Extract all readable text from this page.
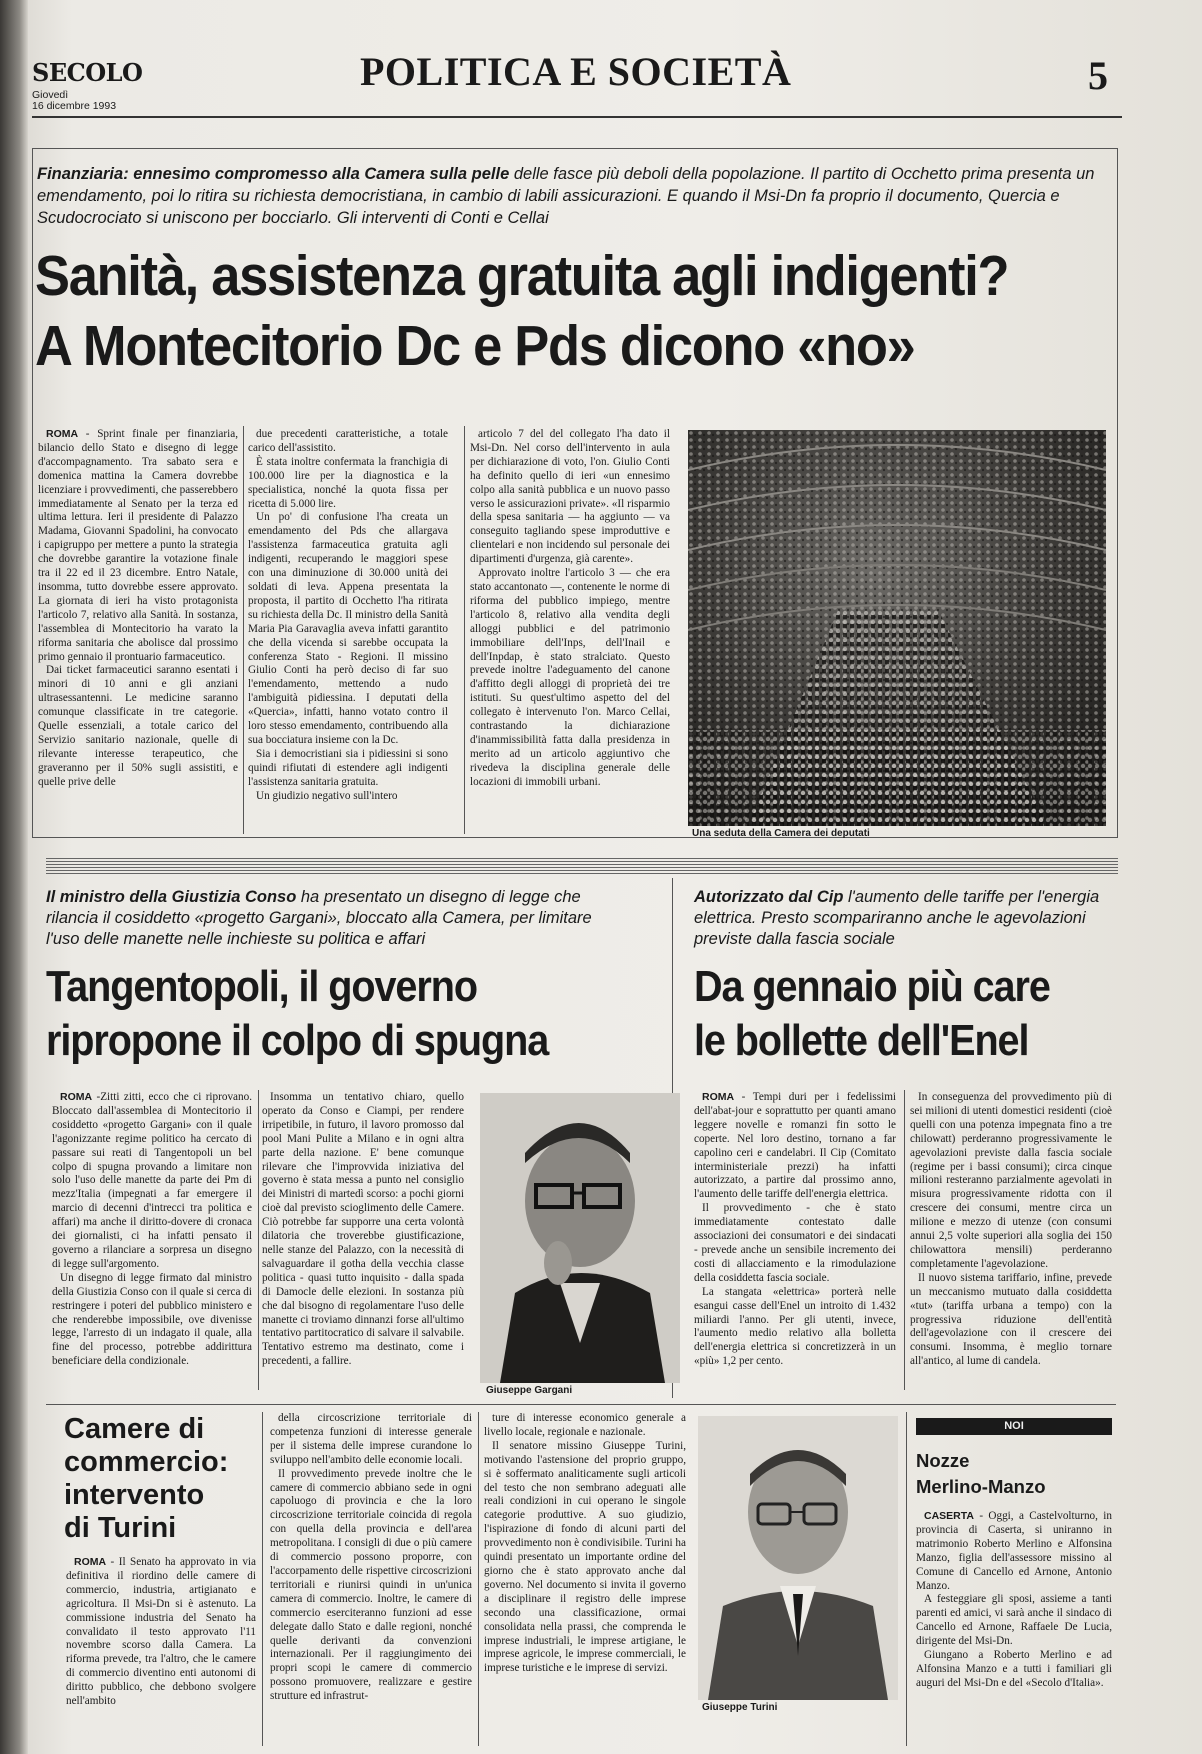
SECOLO
Giovedì
16 dicembre 1993
POLITICA E SOCIETÀ	5
Finanziaria: ennesimo compromesso alla Camera sulla pelle delle fasce più deboli della popolazione. Il partito di Occhetto prima presenta un emendamento, poi lo ritira su richiesta democristiana, in cambio di labili assicurazioni. E quando il Msi-Dn fa proprio il documento, Quercia e Scudocrociato si uniscono per bocciarlo. Gli interventi di Conti e Cellai
Sanità, assistenza gratuita agli indigenti?
A Montecitorio Dc e Pds dicono «no»

ROMA - Sprint finale per finanziaria, bilancio dello Stato e disegno di legge d'accompagnamento. Tra sabato sera e domenica mattina la Camera dovrebbe licenziare i provvedimenti, che passerebbero immediatamente al Senato per la terza ed ultima lettura. Ieri il presidente di Palazzo Madama, Giovanni Spadolini, ha convocato i capigruppo per mettere a punto la strategia che dovrebbe garantire la votazione finale tra il 22 ed il 23 dicembre. Entro Natale, insomma, tutto dovrebbe essere approvato. La giornata di ieri ha visto protagonista l'articolo 7, relativo alla Sanità. In sostanza, l'assemblea di Montecitorio ha varato la riforma sanitaria che abolisce dal prossimo primo gennaio il prontuario farmaceutico.

Dai ticket farmaceutici saranno esentati i minori di 10 anni e gli anziani ultrasessantenni. Le medicine saranno comunque classificate in tre categorie. Quelle essenziali, a totale carico del Servizio sanitario nazionale, quelle di rilevante interesse terapeutico, che graveranno per il 50% sugli assistiti, e quelle prive delle

due precedenti caratteristiche, a totale carico dell'assistito.

È stata inoltre confermata la franchigia di 100.000 lire per la diagnostica e la specialistica, nonché la quota fissa per ricetta di 5.000 lire.

Un po' di confusione l'ha creata un emendamento del Pds che allargava l'assistenza farmaceutica gratuita agli indigenti, recuperando le maggiori spese con una diminuzione di 30.000 unità dei soldati di leva. Appena presentata la proposta, il partito di Occhetto l'ha ritirata su richiesta della Dc. Il ministro della Sanità Maria Pia Garavaglia aveva infatti garantito che della vicenda si sarebbe occupata la conferenza Stato - Regioni. Il missino Giulio Conti ha però deciso di far suo l'emendamento, mettendo a nudo l'ambiguità pidiessina. I deputati della «Quercia», infatti, hanno votato contro il loro stesso emendamento, contribuendo alla sua bocciatura insieme con la Dc.

Sia i democristiani sia i pidiessini si sono quindi rifiutati di estendere agli indigenti l'assistenza sanitaria gratuita.

Un giudizio negativo sull'intero

articolo 7 del del collegato l'ha dato il Msi-Dn. Nel corso dell'intervento in aula per dichiarazione di voto, l'on. Giulio Conti ha definito quello di ieri «un ennesimo colpo alla sanità pubblica e un nuovo passo verso le assicurazioni private». «Il risparmio della spesa sanitaria — ha aggiunto — va conseguito tagliando spese improduttive e clientelari e non incidendo sul personale dei dipartimenti d'urgenza, già carente».

Approvato inoltre l'articolo 3 — che era stato accantonato —, contenente le norme di riforma del pubblico impiego, mentre l'articolo 8, relativo alla vendita degli alloggi pubblici e del patrimonio immobiliare dell'Inps, dell'Inail e dell'Inpdap, è stato stralciato. Questo prevede inoltre l'adeguamento del canone d'affitto degli alloggi di proprietà dei tre istituti. Su quest'ultimo aspetto del del collegato è intervenuto l'on. Marco Cellai, contrastando la dichiarazione d'inammissibilità fatta dalla presidenza in merito ad un articolo aggiuntivo che rivedeva la disciplina generale delle locazioni di immobili urbani.

Una seduta della Camera dei deputati
Il ministro della Giustizia Conso ha presentato un disegno di legge che rilancia il cosiddetto «progetto Gargani», bloccato alla Camera, per limitare l'uso delle manette nelle inchieste su politica e affari
Tangentopoli, il governo
ripropone il colpo di spugna

ROMA -Zitti zitti, ecco che ci riprovano. Bloccato dall'assemblea di Montecitorio il cosiddetto «progetto Gargani» con il quale l'agonizzante regime politico ha cercato di passare sui reati di Tangentopoli un bel colpo di spugna provando a limitare non solo l'uso delle manette da parte dei Pm di mezz'Italia (impegnati a far emergere il marcio di decenni d'intrecci tra politica e affari) ma anche il diritto-dovere di cronaca dei giornalisti, ci ha infatti pensato il governo a rilanciare a sorpresa un disegno di legge sull'argomento.

Un disegno di legge firmato dal ministro della Giustizia Conso con il quale si cerca di restringere i poteri del pubblico ministero e che renderebbe impossibile, ove divenisse legge, l'arresto di un indagato il quale, alla fine del processo, potrebbe addirittura beneficiare della condizionale.

Insomma un tentativo chiaro, quello operato da Conso e Ciampi, per rendere irripetibile, in futuro, il lavoro promosso dal pool Mani Pulite a Milano e in ogni altra parte della nazione. E' bene comunque rilevare che l'improvvida iniziativa del governo è stata messa a punto nel consiglio dei Ministri di martedì scorso: a pochi giorni cioè dal previsto scioglimento delle Camere. Ciò potrebbe far supporre una certa volontà dilatoria che troverebbe giustificazione, nelle stanze del Palazzo, con la necessità di salvaguardare il gotha della vecchia classe politica - quasi tutto inquisito - dalla spada di Damocle delle elezioni. In sostanza più che dal bisogno di regolamentare l'uso delle manette ci troviamo dinnanzi forse all'ultimo tentativo partitocratico di salvare il salvabile. Tentativo estremo ma destinato, come i precedenti, a fallire.

Giuseppe Gargani
Autorizzato dal Cip l'aumento delle tariffe per l'energia elettrica. Presto scompariranno anche le agevolazioni previste dalla fascia sociale
Da gennaio più care
le bollette dell'Enel

ROMA - Tempi duri per i fedelissimi dell'abat-jour e soprattutto per quanti amano leggere novelle e romanzi fin sotto le coperte. Nel loro destino, tornano a far capolino ceri e candelabri. Il Cip (Comitato interministeriale prezzi) ha infatti autorizzato, a partire dal prossimo anno, l'aumento delle tariffe dell'energia elettrica.

Il provvedimento - che è stato immediatamente contestato dalle associazioni dei consumatori e dei sindacati - prevede anche un sensibile incremento dei costi di allacciamento e la rimodulazione della cosiddetta fascia sociale.

La stangata «elettrica» porterà nelle esangui casse dell'Enel un introito di 1.432 miliardi l'anno. Per gli utenti, invece, l'aumento medio relativo alla bolletta dell'energia elettrica si concretizzerà in un «più» 1,2 per cento.

In conseguenza del provvedimento più di sei milioni di utenti domestici residenti (cioè quelli con una potenza impegnata fino a tre chilowatt) perderanno progressivamente le agevolazioni previste dalla fascia sociale (regime per i bassi consumi); circa cinque milioni resteranno parzialmente agevolati in misura progressivamente ridotta con il crescere dei consumi, mentre circa un milione e mezzo di utenze (con consumi annui 2,5 volte superiori alla soglia dei 150 chilowattora mensili) perderanno completamente l'agevolazione.

Il nuovo sistema tariffario, infine, prevede un meccanismo mutuato dalla cosiddetta «tut» (tariffa urbana a tempo) con la progressiva riduzione dell'entità dell'agevolazione con il crescere dei consumi. Insomma, è meglio tornare all'antico, al lume di candela.

Camere di
commercio:
intervento
di Turini

ROMA - Il Senato ha approvato in via definitiva il riordino delle camere di commercio, industria, artigianato e agricoltura. Il Msi-Dn si è astenuto. La commissione industria del Senato ha convalidato il testo approvato l'11 novembre scorso dalla Camera. La riforma prevede, tra l'altro, che le camere di commercio diventino enti autonomi di diritto pubblico, che debbono svolgere nell'ambito

della circoscrizione territoriale di competenza funzioni di interesse generale per il sistema delle imprese curandone lo sviluppo nell'ambito delle economie locali.

Il provvedimento prevede inoltre che le camere di commercio abbiano sede in ogni capoluogo di provincia e che la loro circoscrizione territoriale coincida di regola con quella della provincia e dell'area metropolitana. I consigli di due o più camere di commercio possono proporre, con l'accorpamento delle rispettive circoscrizioni territoriali e riunirsi quindi in un'unica camera di commercio. Inoltre, le camere di commercio eserciteranno funzioni ad esse delegate dallo Stato e dalle regioni, nonché quelle derivanti da convenzioni internazionali. Per il raggiungimento dei propri scopi le camere di commercio possono promuovere, realizzare e gestire strutture ed infrastrut-

ture di interesse economico generale a livello locale, regionale e nazionale.

Il senatore missino Giuseppe Turini, motivando l'astensione del proprio gruppo, si è soffermato analiticamente sugli articoli del testo che non sembrano adeguati alle reali condizioni in cui operano le singole categorie produttive. A suo giudizio, l'ispirazione di fondo di alcuni parti del provvedimento non è condivisibile. Turini ha quindi presentato un importante ordine del giorno che è stato approvato anche dal governo. Nel documento si invita il governo a disciplinare il registro delle imprese secondo una classificazione, ormai consolidata nella prassi, che comprenda le imprese industriali, le imprese artigiane, le imprese agricole, le imprese commerciali, le imprese turistiche e le imprese di servizi.

Giuseppe Turini
NOI
Nozze
Merlino-Manzo

CASERTA - Oggi, a Castelvolturno, in provincia di Caserta, si uniranno in matrimonio Roberto Merlino e Alfonsina Manzo, figlia dell'assessore missino al Comune di Cancello ed Arnone, Antonio Manzo.

A festeggiare gli sposi, assieme a tanti parenti ed amici, vi sarà anche il sindaco di Cancello ed Arnone, Raffaele De Lucia, dirigente del Msi-Dn.

Giungano a Roberto Merlino e ad Alfonsina Manzo e a tutti i familiari gli auguri del Msi-Dn e del «Secolo d'Italia».
